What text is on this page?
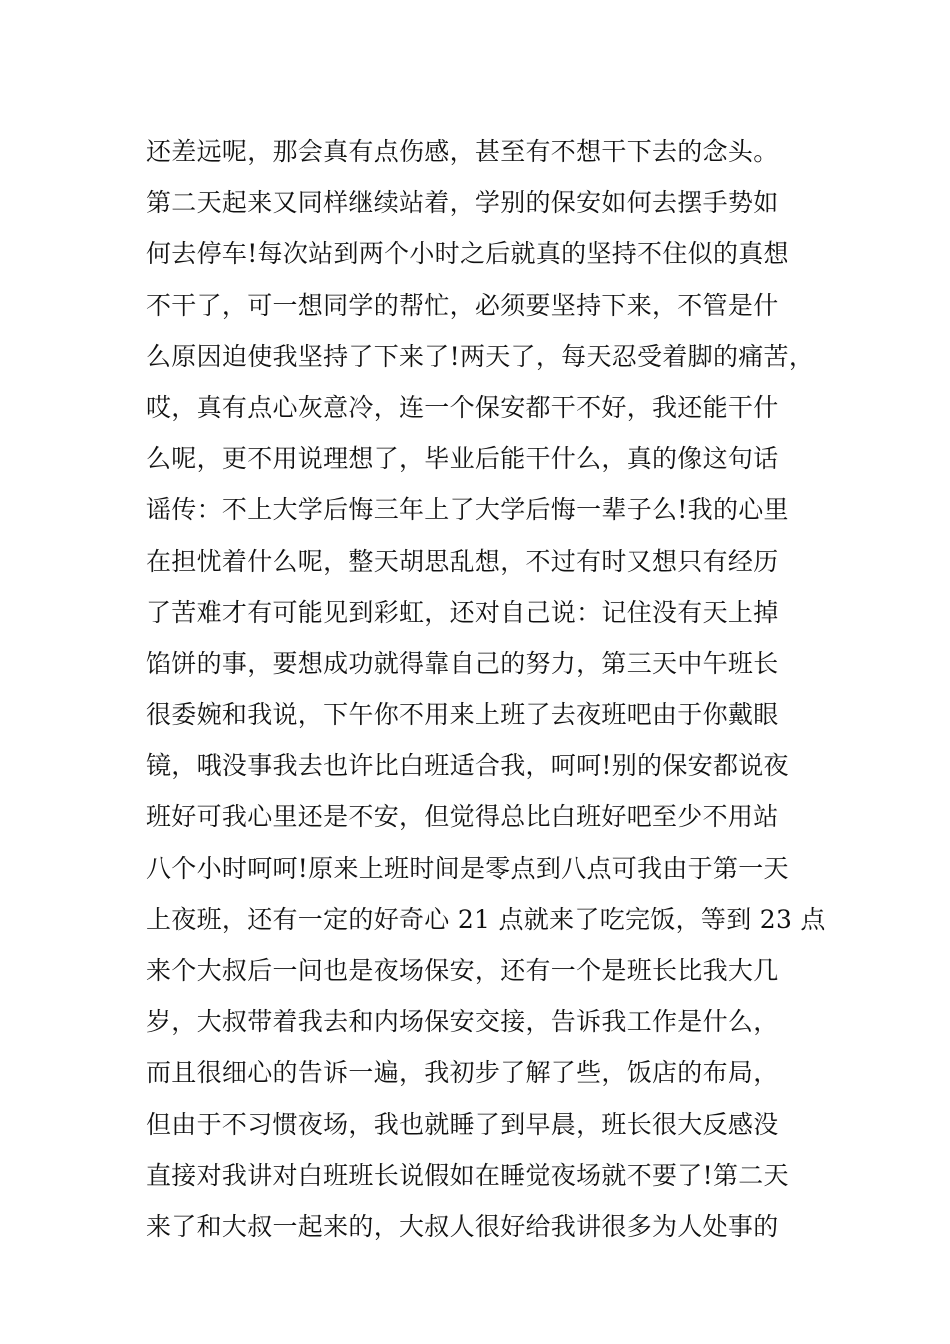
还差远呢，那会真有点伤感，甚至有不想干下去的念头。
第二天起来又同样继续站着，学别的保安如何去摆手势如
何去停车!每次站到两个小时之后就真的坚持不住似的真想
不干了，可一想同学的帮忙，必须要坚持下来，不管是什
么原因迫使我坚持了下来了!两天了，每天忍受着脚的痛苦，
哎，真有点心灰意冷，连一个保安都干不好，我还能干什
么呢，更不用说理想了，毕业后能干什么，真的像这句话
谣传：不上大学后悔三年上了大学后悔一辈子么!我的心里
在担忧着什么呢，整天胡思乱想，不过有时又想只有经历
了苦难才有可能见到彩虹，还对自己说：记住没有天上掉
馅饼的事，要想成功就得靠自己的努力，第三天中午班长
很委婉和我说，下午你不用来上班了去夜班吧由于你戴眼
镜，哦没事我去也许比白班适合我，呵呵!别的保安都说夜
班好可我心里还是不安，但觉得总比白班好吧至少不用站
八个小时呵呵!原来上班时间是零点到八点可我由于第一天
上夜班，还有一定的好奇心 21 点就来了吃完饭，等到 23 点
来个大叔后一问也是夜场保安，还有一个是班长比我大几
岁，大叔带着我去和内场保安交接，告诉我工作是什么，
而且很细心的告诉一遍，我初步了解了些，饭店的布局，
但由于不习惯夜场，我也就睡了到早晨，班长很大反感没
直接对我讲对白班班长说假如在睡觉夜场就不要了!第二天
来了和大叔一起来的，大叔人很好给我讲很多为人处事的
